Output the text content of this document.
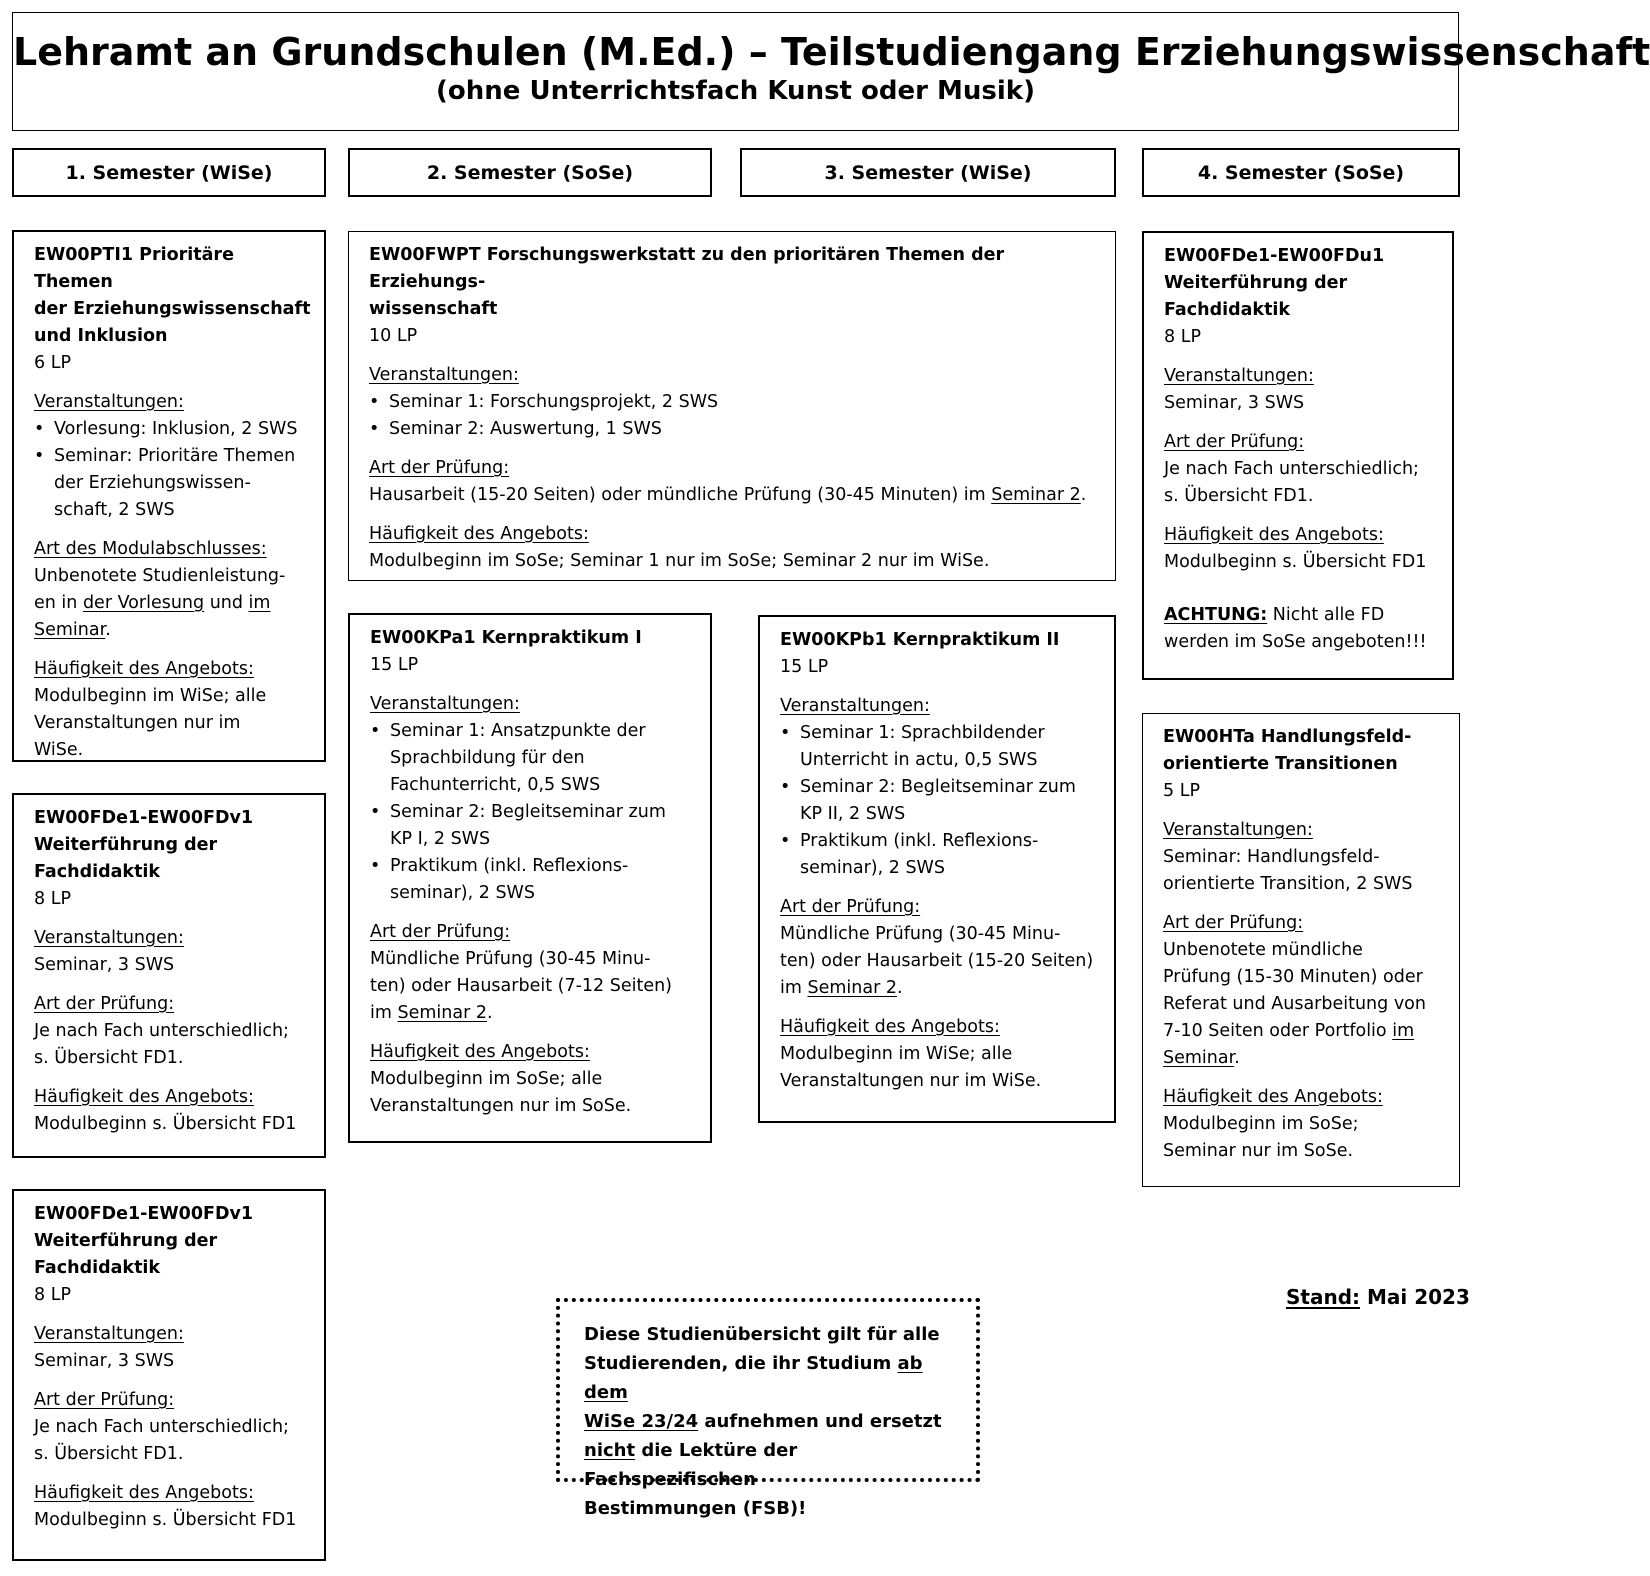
Lehramt an Grundschulen (M.Ed.) – Teilstudiengang Erziehungswissenschaft
(ohne Unterrichtsfach Kunst oder Musik)
1. Semester (WiSe)	2. Semester (SoSe)	3. Semester (WiSe)	4. Semester (SoSe)
EW00PTI1 Prioritäre Themen
der Erziehungswissenschaft
und Inklusion
6 LP
Veranstaltungen:
• Vorlesung: Inklusion, 2 SWS
• Seminar: Prioritäre Themen
der Erziehungswissen-
schaft, 2 SWS
Art des Modulabschlusses:
Unbenotete Studienleistung-
en in der Vorlesung und im
Seminar.
Häufigkeit des Angebots:
Modulbeginn im WiSe; alle
Veranstaltungen nur im
WiSe.
EW00FDe1-EW00FDv1
Weiterführung der
Fachdidaktik
8 LP
Veranstaltungen:
Seminar, 3 SWS
Art der Prüfung:
Je nach Fach unterschiedlich;
s. Übersicht FD1.
Häufigkeit des Angebots:
Modulbeginn s. Übersicht FD1
EW00FDe1-EW00FDv1
Weiterführung der
Fachdidaktik
8 LP
Veranstaltungen:
Seminar, 3 SWS
Art der Prüfung:
Je nach Fach unterschiedlich;
s. Übersicht FD1.
Häufigkeit des Angebots:
Modulbeginn s. Übersicht FD1
EW00FWPT Forschungswerkstatt zu den prioritären Themen der Erziehungs-
wissenschaft
10 LP
Veranstaltungen:
• Seminar 1: Forschungsprojekt, 2 SWS
• Seminar 2: Auswertung, 1 SWS
Art der Prüfung:
Hausarbeit (15-20 Seiten) oder mündliche Prüfung (30-45 Minuten) im Seminar 2.
Häufigkeit des Angebots:
Modulbeginn im SoSe; Seminar 1 nur im SoSe; Seminar 2 nur im WiSe.
EW00KPa1 Kernpraktikum I
15 LP
Veranstaltungen:
• Seminar 1: Ansatzpunkte der
Sprachbildung für den
Fachunterricht, 0,5 SWS
• Seminar 2: Begleitseminar zum
KP I, 2 SWS
• Praktikum (inkl. Reflexions-
seminar), 2 SWS
Art der Prüfung:
Mündliche Prüfung (30-45 Minu-
ten) oder Hausarbeit (7-12 Seiten)
im Seminar 2.
Häufigkeit des Angebots:
Modulbeginn im SoSe; alle
Veranstaltungen nur im SoSe.
EW00KPb1 Kernpraktikum II
15 LP
Veranstaltungen:
• Seminar 1: Sprachbildender
Unterricht in actu, 0,5 SWS
• Seminar 2: Begleitseminar zum
KP II, 2 SWS
• Praktikum (inkl. Reflexions-
seminar), 2 SWS
Art der Prüfung:
Mündliche Prüfung (30-45 Minu-
ten) oder Hausarbeit (15-20 Seiten)
im Seminar 2.
Häufigkeit des Angebots:
Modulbeginn im WiSe; alle
Veranstaltungen nur im WiSe.
EW00FDe1-EW00FDu1
Weiterführung der
Fachdidaktik
8 LP
Veranstaltungen:
Seminar, 3 SWS
Art der Prüfung:
Je nach Fach unterschiedlich;
s. Übersicht FD1.
Häufigkeit des Angebots:
Modulbeginn s. Übersicht FD1
ACHTUNG: Nicht alle FD
werden im SoSe angeboten!!!
EW00HTa Handlungsfeld-
orientierte Transitionen
5 LP
Veranstaltungen:
Seminar: Handlungsfeld-
orientierte Transition, 2 SWS
Art der Prüfung:
Unbenotete mündliche
Prüfung (15-30 Minuten) oder
Referat und Ausarbeitung von
7-10 Seiten oder Portfolio im
Seminar.
Häufigkeit des Angebots:
Modulbeginn im SoSe;
Seminar nur im SoSe.
Stand: Mai 2023
Diese Studienübersicht gilt für alle
Studierenden, die ihr Studium ab dem
WiSe 23/24 aufnehmen und ersetzt
nicht die Lektüre der Fachspezifischen
Bestimmungen (FSB)!
